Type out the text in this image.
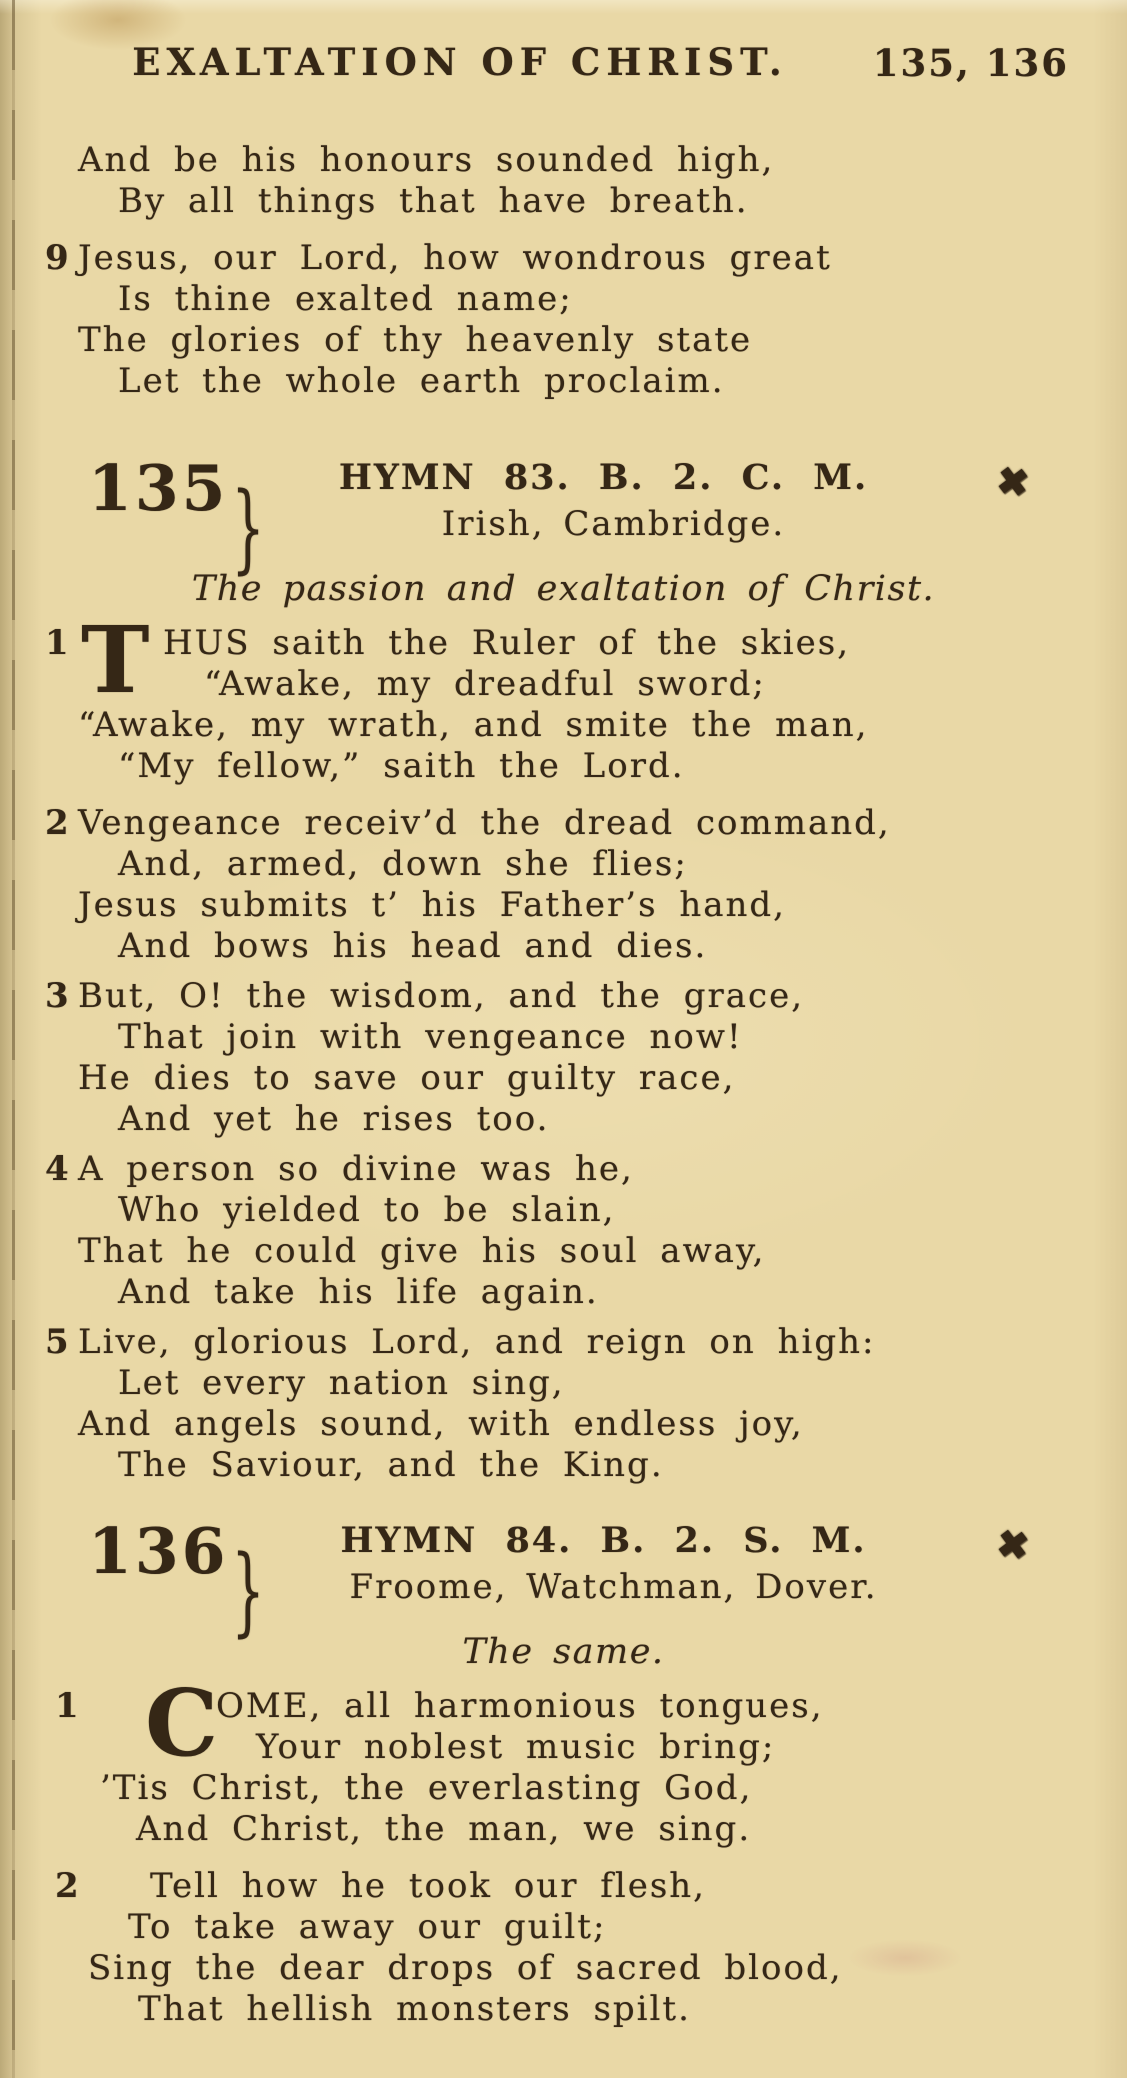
EXALTATION OF CHRIST.	135, 136
And be his honours sounded high,
By all things that have breath.
9 Jesus, our Lord, how wondrous great
Is thine exalted name;
The glories of thy heavenly state
Let the whole earth proclaim.
135}	HYMN 83. B. 2. C. M.
Irish, Cambridge.
✖
The passion and exaltation of Christ.
1 T HUS saith the Ruler of the skies,
“Awake, my dreadful sword;
“Awake, my wrath, and smite the man,
“My fellow,” saith the Lord.
2 Vengeance receiv’d the dread command,
And, armed, down she flies;
Jesus submits t’ his Father’s hand,
And bows his head and dies.
3 But, O! the wisdom, and the grace,
That join with vengeance now!
He dies to save our guilty race,
And yet he rises too.
4 A person so divine was he,
Who yielded to be slain,
That he could give his soul away,
And take his life again.
5 Live, glorious Lord, and reign on high:
Let every nation sing,
And angels sound, with endless joy,
The Saviour, and the King.
136}	HYMN 84. B. 2. S. M.
Froome, Watchman, Dover.
✖
The same.
1 C
OME, all harmonious tongues,
Your noblest music bring;
’Tis Christ, the everlasting God,
And Christ, the man, we sing.
2	Tell how he took our flesh,
To take away our guilt;
Sing the dear drops of sacred blood,
That hellish monsters spilt.
